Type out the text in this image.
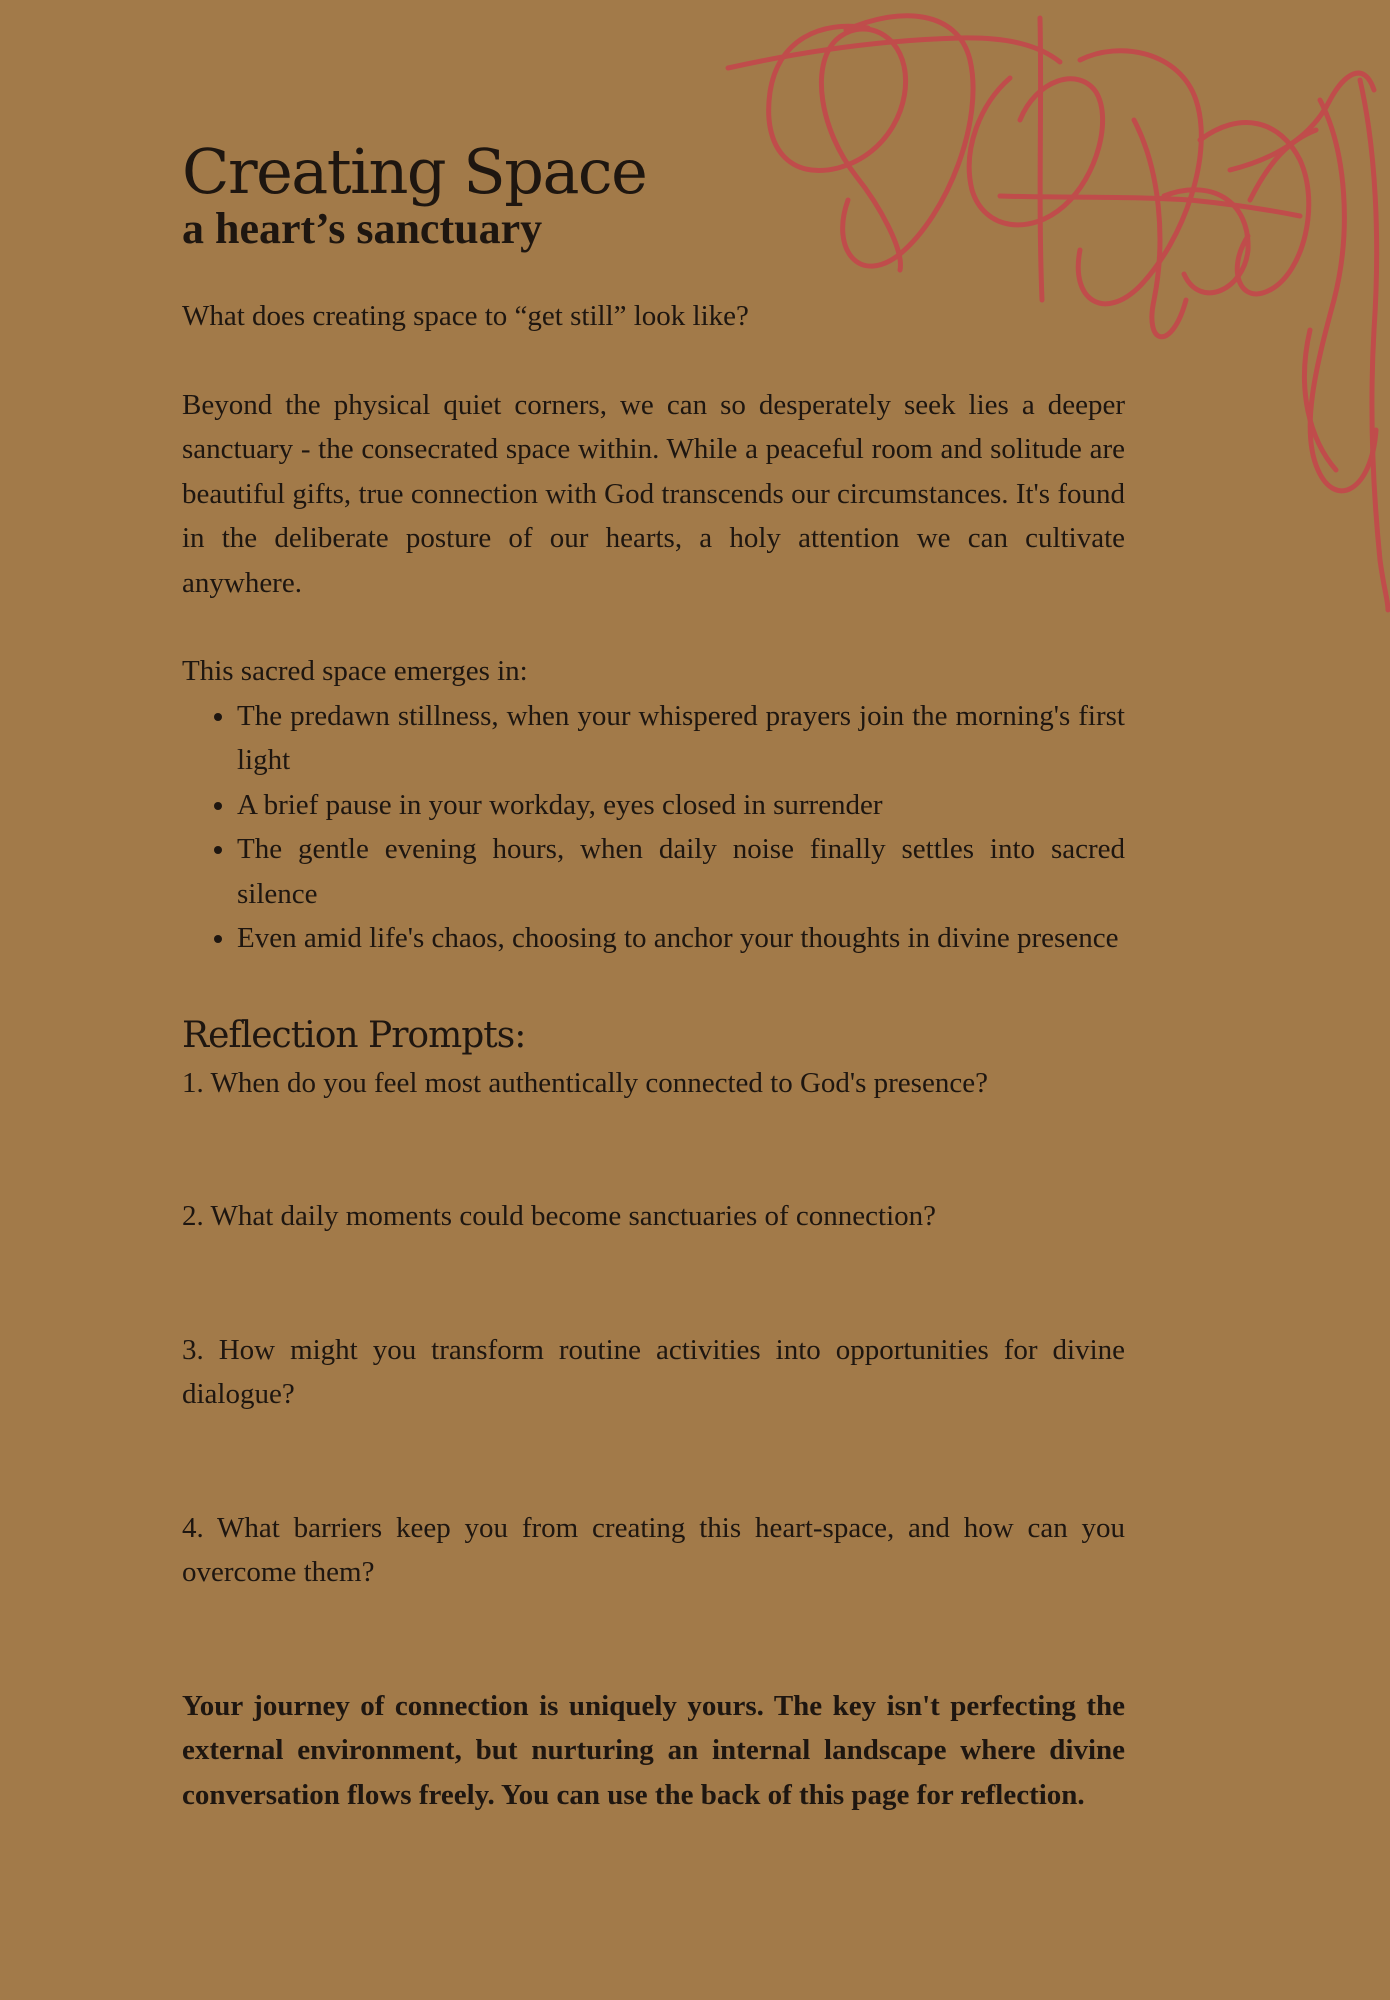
Creating Space
a heart’s sanctuary

What does creating space to “get still” look like?

Beyond the physical quiet corners, we can so desperately seek lies a deeper sanctuary - the consecrated space within. While a peaceful room and solitude are beautiful gifts, true connection with God transcends our circumstances. It's found in the deliberate posture of our hearts, a holy attention we can cultivate anywhere.

This sacred space emerges in:

• The predawn stillness, when your whispered prayers join the morning's first light
• A brief pause in your workday, eyes closed in surrender
• The gentle evening hours, when daily noise finally settles into sacred silence
• Even amid life's chaos, choosing to anchor your thoughts in divine presence
Reflection Prompts:

1. When do you feel most authentically connected to God's presence?

2. What daily moments could become sanctuaries of connection?

3. How might you transform routine activities into opportunities for divine dialogue?

4. What barriers keep you from creating this heart-space, and how can you overcome them?

Your journey of connection is uniquely yours. The key isn't perfecting the external environment, but nurturing an internal landscape where divine conversation flows freely. You can use the back of this page for reflection.
